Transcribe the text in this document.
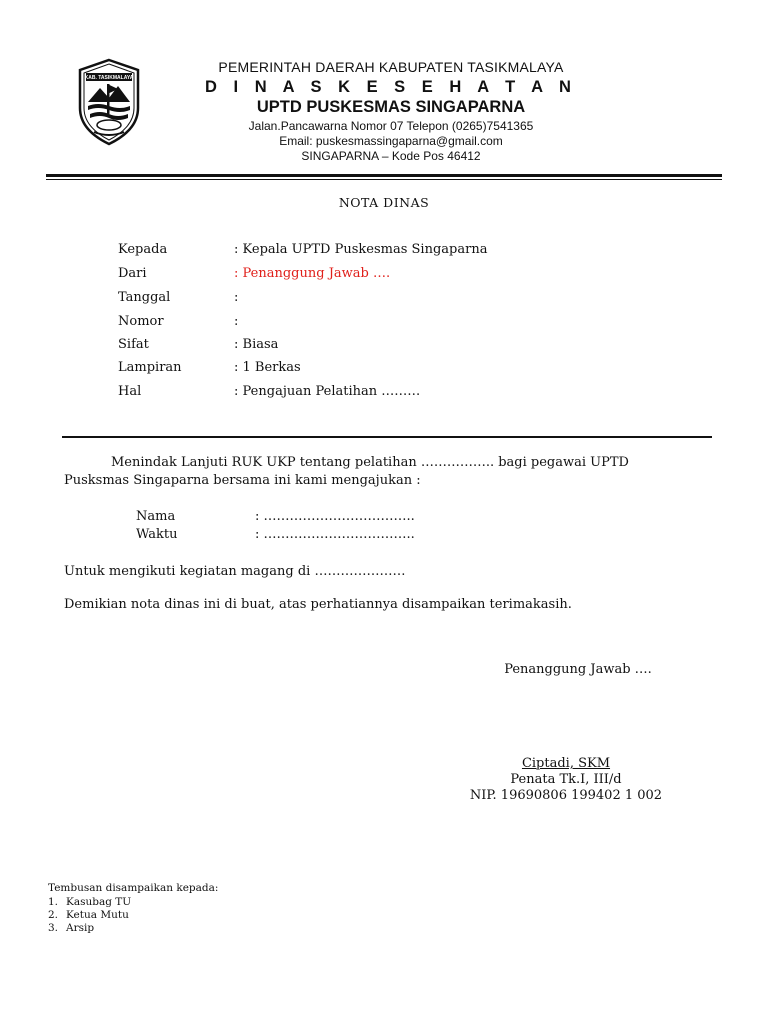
KAB. TASIKMALAYA
PEMERINTAH DAERAH KABUPATEN TASIKMALAYA
D I N A S K E S E H A T A N
UPTD PUSKESMAS SINGAPARNA
Jalan.Pancawarna Nomor 07 Telepon (0265)7541365
Email: puskesmassingaparna@gmail.com
SINGAPARNA – Kode Pos 46412
NOTA DINAS
Kepada	: Kepala UPTD Puskesmas Singaparna
Dari	: Penanggung Jawab ….
Tanggal	:
Nomor	:
Sifat	: Biasa
Lampiran	: 1 Berkas
Hal	: Pengajuan Pelatihan ………
Menindak Lanjuti RUK UKP tentang pelatihan …………….. bagi pegawai UPTD
Pusksmas Singaparna bersama ini kami mengajukan :
Nama	: ……………………………..
Waktu	: ……………………………..
Untuk mengikuti kegiatan magang di …………………
Demikian nota dinas ini di buat, atas perhatiannya disampaikan terimakasih.
Penanggung Jawab ….
Ciptadi, SKM
Penata Tk.I, III/d
NIP. 19690806 199402 1 002
Tembusan disampaikan kepada:
1. Kasubag TU
2. Ketua Mutu
3. Arsip
